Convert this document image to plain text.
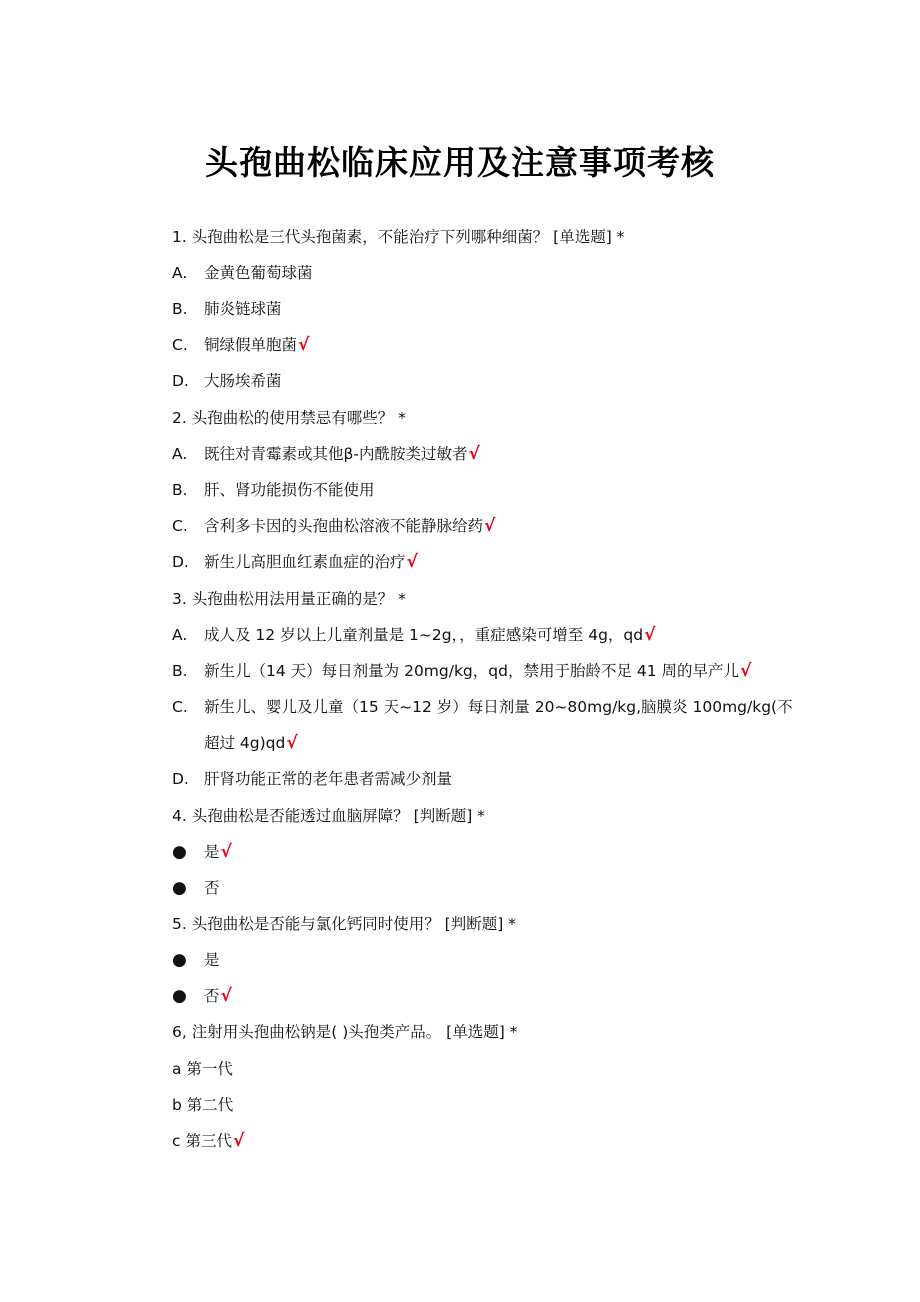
头孢曲松临床应用及注意事项考核
1. 头孢曲松是三代头孢菌素，不能治疗下列哪种细菌？ [单选题] *
A. 金黄色葡萄球菌
B. 肺炎链球菌
C. 铜绿假单胞菌√
D. 大肠埃希菌
2. 头孢曲松的使用禁忌有哪些？ *
A. 既往对青霉素或其他β-内酰胺类过敏者√
B. 肝、肾功能损伤不能使用
C. 含利多卡因的头孢曲松溶液不能静脉给药√
D. 新生儿高胆血红素血症的治疗√
3. 头孢曲松用法用量正确的是？ *
A. 成人及 12 岁以上儿童剂量是 1~2g，，重症感染可增至 4g，qd√
B. 新生儿（14 天）每日剂量为 20mg/kg，qd，禁用于胎龄不足 41 周的早产儿√
C. 新生儿、婴儿及儿童（15 天~12 岁）每日剂量 20~80mg/kg,脑膜炎 100mg/kg(不
超过 4g)qd√
D. 肝肾功能正常的老年患者需减少剂量
4. 头孢曲松是否能透过血脑屏障？ [判断题] *
● 是√
● 否
5. 头孢曲松是否能与氯化钙同时使用？ [判断题] *
● 是
● 否√
6, 注射用头孢曲松钠是( )头孢类产品。 [单选题] *
a 第一代
b 第二代
c 第三代√
